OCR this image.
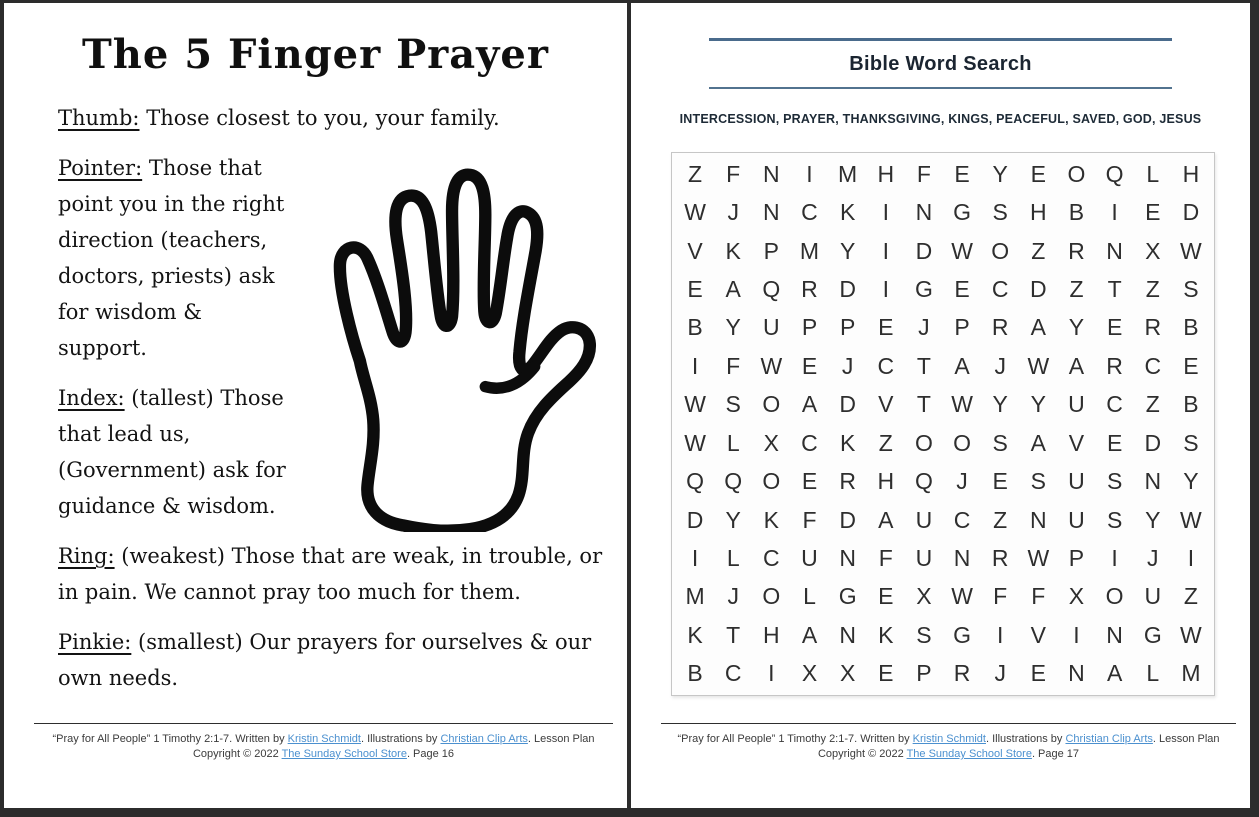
The 5 Finger Prayer

Thumb: Those closest to you, your family.

Pointer: Those that point you in the right direction (teachers, doctors, priests) ask for wisdom & support.

Index: (tallest) Those that lead us, (Government) ask for guidance & wisdom.

Ring: (weakest) Those that are weak, in trouble, or in pain. We cannot pray too much for them.

Pinkie: (smallest) Our prayers for ourselves & our own needs.

“Pray for All People” 1 Timothy 2:1-7. Written by Kristin Schmidt. Illustrations by Christian Clip Arts. Lesson Plan
Copyright © 2022 The Sunday School Store. Page 16
Bible Word Search
INTERCESSION, PRAYER, THANKSGIVING, KINGS, PEACEFUL, SAVED, GOD, JESUS
Z	F N	I	M H F	E Y E O Q L	H
W J	N C K	I	N G S H B	I	E D
V K P M Y	I	D W O Z R N X W
E A Q R D	I	G E C D Z	T	Z	S
B Y U P P E	J	P R A Y E R B
I	F W E	J	C T	A	J W A R C E
W S O A D V	T W Y Y U C Z	B
W L	X C K	Z O O S A V E D S
Q Q O E R H Q	J	E S U S N Y
D Y K	F D A U C Z N U S Y W
I	L	C U N F U N R W P	I	J	I
M J	O L G E X W F	F	X O U Z
K	T H A N K S G	I	V	I	N G W
B C	I	X X E P R	J	E N A	L M
“Pray for All People” 1 Timothy 2:1-7. Written by Kristin Schmidt. Illustrations by Christian Clip Arts. Lesson Plan
Copyright © 2022 The Sunday School Store. Page 17
